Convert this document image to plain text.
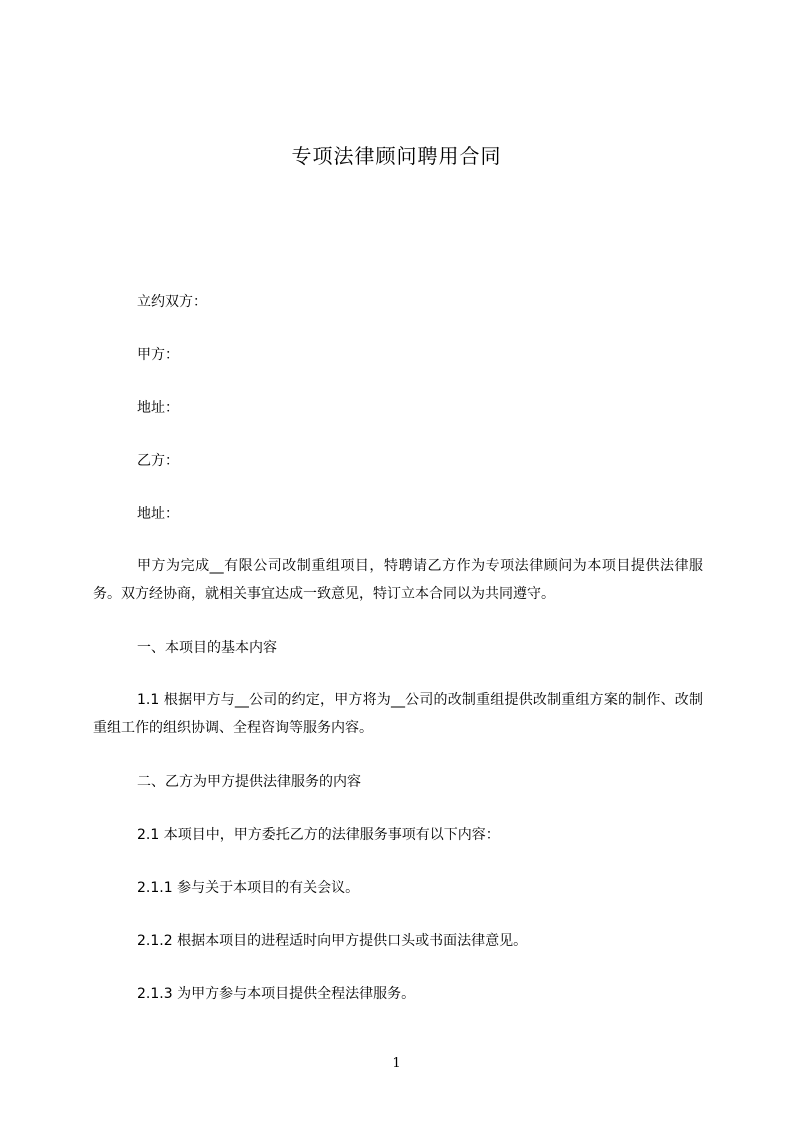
专项法律顾问聘用合同
立约双方：
甲方：
地址：
乙方：
地址：
甲方为完成__有限公司改制重组项目，特聘请乙方作为专项法律顾问为本项目提供法律服务。双方经协商，就相关事宜达成一致意见，特订立本合同以为共同遵守。
一、本项目的基本内容
1.1 根据甲方与__公司的约定，甲方将为__公司的改制重组提供改制重组方案的制作、改制重组工作的组织协调、全程咨询等服务内容。
二、乙方为甲方提供法律服务的内容
2.1 本项目中，甲方委托乙方的法律服务事项有以下内容：
2.1.1 参与关于本项目的有关会议。
2.1.2 根据本项目的进程适时向甲方提供口头或书面法律意见。
2.1.3 为甲方参与本项目提供全程法律服务。
1
